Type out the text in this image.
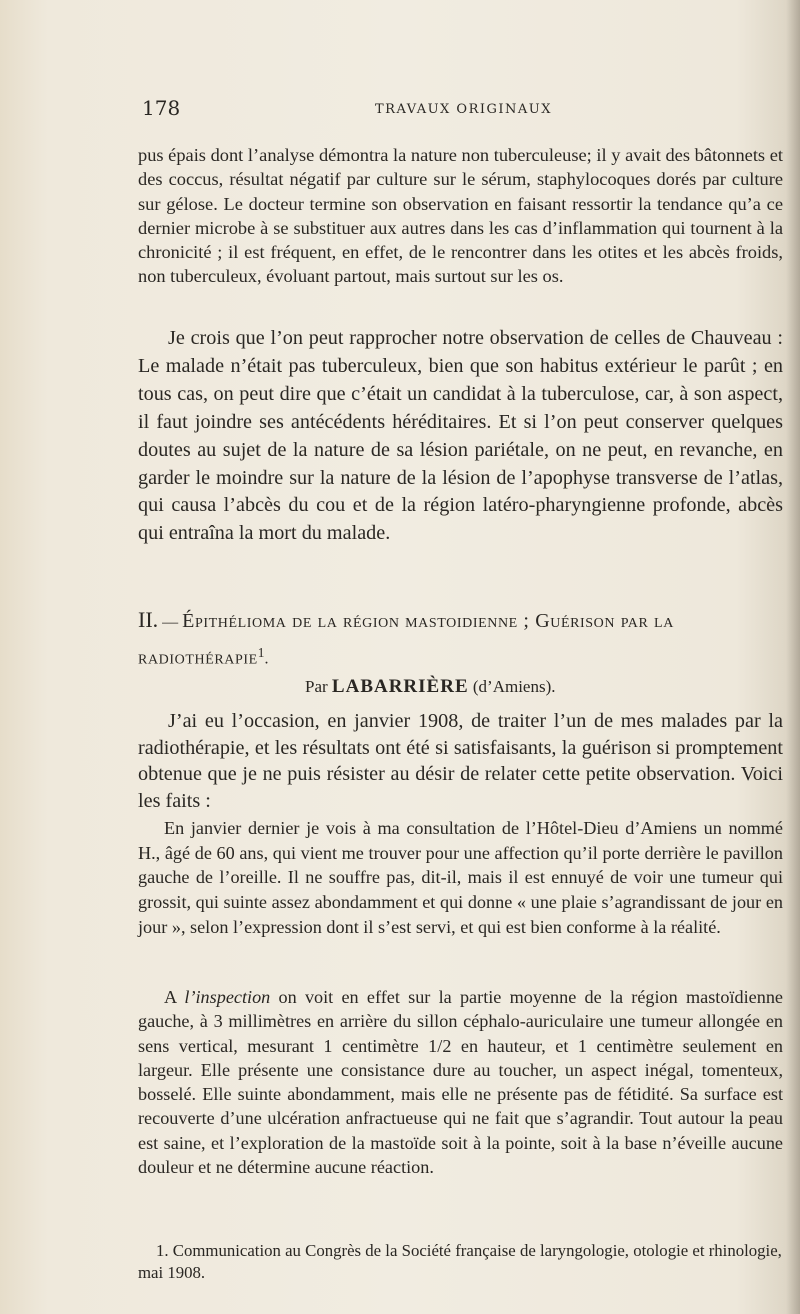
178	TRAVAUX ORIGINAUX
pus épais dont l’analyse démontra la nature non tuberculeuse; il y avait des bâtonnets et des coccus, résultat négatif par culture sur le sérum, staphylocoques dorés par culture sur gélose. Le docteur termine son observation en faisant ressortir la tendance qu’a ce dernier microbe à se substituer aux autres dans les cas d’inflammation qui tournent à la chronicité ; il est fréquent, en effet, de le rencontrer dans les otites et les abcès froids, non tuberculeux, évoluant partout, mais surtout sur les os.
Je crois que l’on peut rapprocher notre observation de celles de Chauveau : Le malade n’était pas tuberculeux, bien que son habitus extérieur le parût ; en tous cas, on peut dire que c’était un candidat à la tuberculose, car, à son aspect, il faut joindre ses antécédents héréditaires. Et si l’on peut conserver quelques doutes au sujet de la nature de sa lésion pariétale, on ne peut, en revanche, en garder le moindre sur la nature de la lésion de l’apophyse transverse de l’atlas, qui causa l’abcès du cou et de la région latéro-pharyngienne profonde, abcès qui entraîna la mort du malade.
II. — Épithélioma de la région mastoidienne ; Guérison par la radiothérapie$^1$.
Par LABARRIÈRE (d’Amiens).
J’ai eu l’occasion, en janvier 1908, de traiter l’un de mes malades par la radiothérapie, et les résultats ont été si satisfaisants, la guérison si promptement obtenue que je ne puis résister au désir de relater cette petite observation. Voici les faits :
En janvier dernier je vois à ma consultation de l’Hôtel-Dieu d’Amiens un nommé H., âgé de 60 ans, qui vient me trouver pour une affection qu’il porte derrière le pavillon gauche de l’oreille. Il ne souffre pas, dit-il, mais il est ennuyé de voir une tumeur qui grossit, qui suinte assez abondamment et qui donne « une plaie s’agrandissant de jour en jour », selon l’expression dont il s’est servi, et qui est bien conforme à la réalité.
A l’inspection on voit en effet sur la partie moyenne de la région mastoïdienne gauche, à 3 millimètres en arrière du sillon céphalo-auriculaire une tumeur allongée en sens vertical, mesurant 1 centimètre 1/2 en hauteur, et 1 centimètre seulement en largeur. Elle présente une consistance dure au toucher, un aspect inégal, tomenteux, bosselé. Elle suinte abondamment, mais elle ne présente pas de fétidité. Sa surface est recouverte d’une ulcération anfractueuse qui ne fait que s’agrandir. Tout autour la peau est saine, et l’exploration de la mastoïde soit à la pointe, soit à la base n’éveille aucune douleur et ne détermine aucune réaction.
1. Communication au Congrès de la Société française de laryngologie, otologie et rhinologie, mai 1908.
